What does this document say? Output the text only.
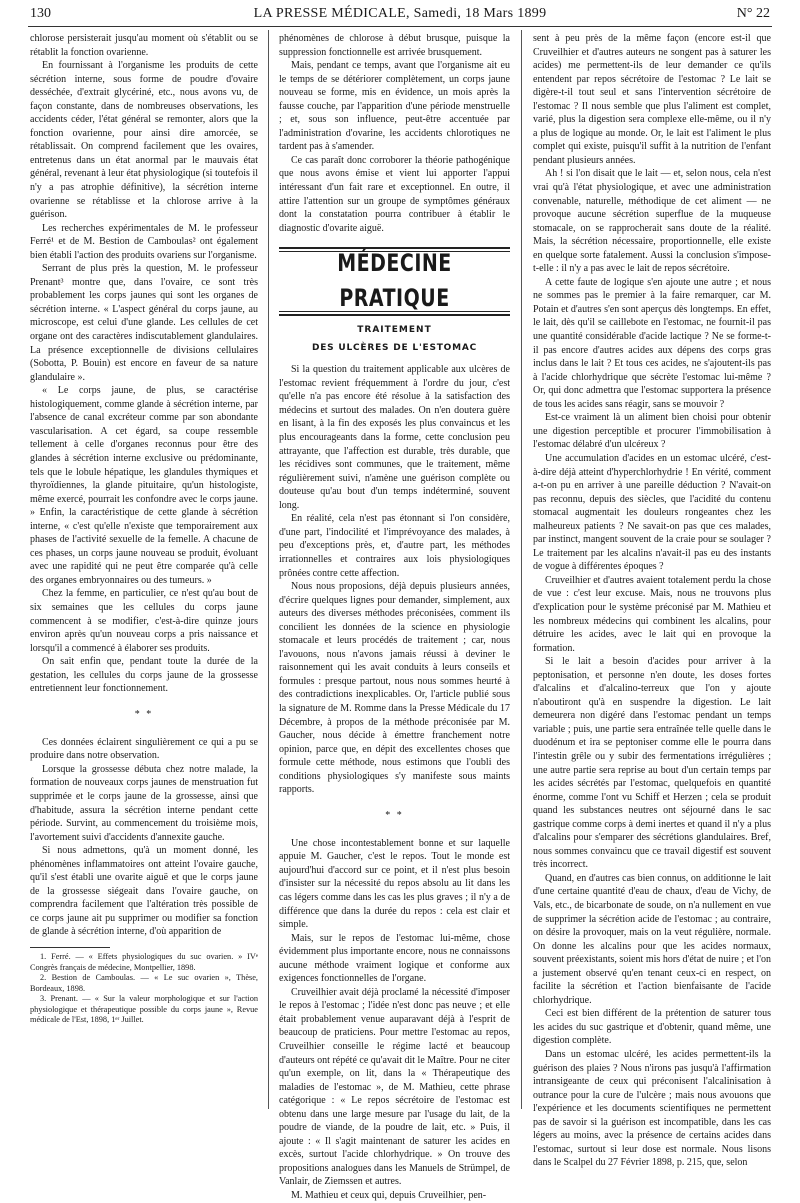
130	LA PRESSE MÉDICALE, Samedi, 18 Mars 1899	N° 22

chlorose persisterait jusqu'au moment où s'établit ou se rétablit la fonction ovarienne.

En fournissant à l'organisme les produits de cette sécrétion interne, sous forme de poudre d'ovaire desséchée, d'extrait glycériné, etc., nous avons vu, de façon constante, dans de nombreuses observations, les accidents céder, l'état général se remonter, alors que la fonction ovarienne, pour ainsi dire amorcée, se rétablissait. On comprend facilement que les ovaires, entretenus dans un état anormal par le mauvais état général, revenant à leur état physiologique (si toutefois il n'y a pas atrophie définitive), la sécrétion interne ovarienne se rétablisse et la chlorose arrive à la guérison.

Les recherches expérimentales de M. le professeur Ferré¹ et de M. Bestion de Camboulas² ont également bien établi l'action des produits ovariens sur l'organisme.

Serrant de plus près la question, M. le professeur Prenant³ montre que, dans l'ovaire, ce sont très probablement les corps jaunes qui sont les organes de sécrétion interne. « L'aspect général du corps jaune, au microscope, est celui d'une glande. Les cellules de cet organe ont des caractères indiscutablement glandulaires. La présence exceptionnelle de divisions cellulaires (Sobotta, P. Bouin) est encore en faveur de sa nature glandulaire ».

« Le corps jaune, de plus, se caractérise histologiquement, comme glande à sécrétion interne, par l'absence de canal excréteur comme par son abondante vascularisation. A cet égard, sa coupe ressemble tellement à celle d'organes reconnus pour être des glandes à sécrétion interne exclusive ou prédominante, tels que le lobule hépatique, les glandules thymiques et thyroïdiennes, la glande pituitaire, qu'un histologiste, même exercé, pourrait les confondre avec le corps jaune. » Enfin, la caractéristique de cette glande à sécrétion interne, « c'est qu'elle n'existe que temporairement aux phases de l'activité sexuelle de la femelle. A chacune de ces phases, un corps jaune nouveau se produit, évoluant avec une rapidité qui ne peut être comparée qu'à celle des organes embryonnaires ou des tumeurs. »

Chez la femme, en particulier, ce n'est qu'au bout de six semaines que les cellules du corps jaune commencent à se modifier, c'est-à-dire quinze jours environ après qu'un nouveau corps a pris naissance et lorsqu'il a commencé à élaborer ses produits.

On sait enfin que, pendant toute la durée de la gestation, les cellules du corps jaune de la grossesse entretiennent leur fonctionnement.

* *

Ces données éclairent singulièrement ce qui a pu se produire dans notre observation.

Lorsque la grossesse débuta chez notre malade, la formation de nouveaux corps jaunes de menstruation fut supprimée et le corps jaune de la grossesse, ainsi que d'habitude, assura la sécrétion interne pendant cette période. Survint, au commencement du troisième mois, l'avortement suivi d'accidents d'annexite gauche.

Si nous admettons, qu'à un moment donné, les phénomènes inflammatoires ont atteint l'ovaire gauche, qu'il s'est établi une ovarite aiguë et que le corps jaune de la grossesse siégeait dans l'ovaire gauche, on comprendra facilement que l'altération très possible de ce corps jaune ait pu supprimer ou modifier sa fonction de glande à sécrétion interne, d'où apparition de

1. Ferré. — « Effets physiologiques du suc ovarien. » IVᵉ Congrès français de médecine, Montpellier, 1898.

2. Bestion de Camboulas. — « Le suc ovarien », Thèse, Bordeaux, 1898.

3. Prenant. — « Sur la valeur morphologique et sur l'action physiologique et thérapeutique possible du corps jaune », Revue médicale de l'Est, 1898, 1ᵉʳ Juillet.

phénomènes de chlorose à début brusque, puisque la suppression fonctionnelle est arrivée brusquement.

Mais, pendant ce temps, avant que l'organisme ait eu le temps de se détériorer complètement, un corps jaune nouveau se forme, mis en évidence, un mois après la fausse couche, par l'apparition d'une période menstruelle ; et, sous son influence, peut-être accentuée par l'administration d'ovarine, les accidents chlorotiques ne tardent pas à s'amender.

Ce cas paraît donc corroborer la théorie pathogénique que nous avons émise et vient lui apporter l'appui intéressant d'un fait rare et exceptionnel. En outre, il attire l'attention sur un groupe de symptômes généraux dont la constatation pourra contribuer à établir le diagnostic d'ovarite aiguë.

MÉDECINE PRATIQUE
TRAITEMENT
DES ULCÈRES DE L'ESTOMAC

Si la question du traitement applicable aux ulcères de l'estomac revient fréquemment à l'ordre du jour, c'est qu'elle n'a pas encore été résolue à la satisfaction des médecins et surtout des malades. On n'en doutera guère en lisant, à la fin des exposés les plus convaincus et les plus encourageants dans la forme, cette conclusion peu attrayante, que l'affection est durable, très durable, que les récidives sont communes, que le traitement, même régulièrement suivi, n'amène une guérison complète ou douteuse qu'au bout d'un temps indéterminé, souvent long.

En réalité, cela n'est pas étonnant si l'on considère, d'une part, l'indocilité et l'imprévoyance des malades, à peu d'exceptions près, et, d'autre part, les méthodes irrationnelles et contraires aux lois physiologiques prônées contre cette affection.

Nous nous proposions, déjà depuis plusieurs années, d'écrire quelques lignes pour demander, simplement, aux auteurs des diverses méthodes préconisées, comment ils concilient les données de la science en physiologie stomacale et leurs procédés de traitement ; car, nous l'avouons, nous n'avons jamais réussi à deviner le raisonnement qui les avait conduits à leurs conseils et formules : presque partout, nous nous sommes heurté à des contradictions inexplicables. Or, l'article publié sous la signature de M. Romme dans la Presse Médicale du 17 Décembre, à propos de la méthode préconisée par M. Gaucher, nous décide à émettre franchement notre opinion, parce que, en dépit des excellentes choses que formule cette méthode, nous estimons que l'oubli des conditions physiologiques s'y manifeste sous maints rapports.

* *

Une chose incontestablement bonne et sur laquelle appuie M. Gaucher, c'est le repos. Tout le monde est aujourd'hui d'accord sur ce point, et il n'est plus besoin d'insister sur la nécessité du repos absolu au lit dans les cas légers comme dans les cas les plus graves ; il n'y a de différence que dans la durée du repos : cela est clair et simple.

Mais, sur le repos de l'estomac lui-même, chose évidemment plus importante encore, nous ne connaissons aucune méthode vraiment logique et conforme aux exigences fonctionnelles de l'organe.

Cruveilhier avait déjà proclamé la nécessité d'imposer le repos à l'estomac ; l'idée n'est donc pas neuve ; et elle était probablement venue auparavant déjà à l'esprit de beaucoup de praticiens. Pour mettre l'estomac au repos, Cruveilhier conseille le régime lacté et beaucoup d'auteurs ont répété ce qu'avait dit le Maître. Pour ne citer qu'un exemple, on lit, dans la « Thérapeutique des maladies de l'estomac », de M. Mathieu, cette phrase catégorique : « Le repos sécrétoire de l'estomac est obtenu dans une large mesure par l'usage du lait, de la poudre de viande, de la poudre de lait, etc. » Puis, il ajoute : « Il s'agit maintenant de saturer les acides en excès, surtout l'acide chlorhydrique. » On trouve des propositions analogues dans les Manuels de Strümpel, de Vanlair, de Ziemssen et autres.

M. Mathieu et ceux qui, depuis Cruveilhier, pen-

sent à peu près de la même façon (encore est-il que Cruveilhier et d'autres auteurs ne songent pas à saturer les acides) me permettent-ils de leur demander ce qu'ils entendent par repos sécrétoire de l'estomac ? Le lait se digère-t-il tout seul et sans l'intervention sécrétoire de l'estomac ? Il nous semble que plus l'aliment est complet, varié, plus la digestion sera complexe elle-même, ou il n'y a plus de logique au monde. Or, le lait est l'aliment le plus complet qui existe, puisqu'il suffit à la nutrition de l'enfant pendant plusieurs années.

Ah ! si l'on disait que le lait — et, selon nous, cela n'est vrai qu'à l'état physiologique, et avec une administration convenable, naturelle, méthodique de cet aliment — ne provoque aucune sécrétion superflue de la muqueuse stomacale, on se rapprocherait sans doute de la réalité. Mais, la sécrétion nécessaire, proportionnelle, elle existe en quelque sorte fatalement. Aussi la conclusion s'impose-t-elle : il n'y a pas avec le lait de repos sécrétoire.

A cette faute de logique s'en ajoute une autre ; et nous ne sommes pas le premier à la faire remarquer, car M. Potain et d'autres s'en sont aperçus dès longtemps. En effet, le lait, dès qu'il se caillebote en l'estomac, ne fournit-il pas une quantité considérable d'acide lactique ? Ne se forme-t-il pas encore d'autres acides aux dépens des corps gras inclus dans le lait ? Et tous ces acides, ne s'ajoutent-ils pas à l'acide chlorhydrique que sécrète l'estomac lui-même ? Or, qui donc admettra que l'estomac supportera la présence de tous les acides sans réagir, sans se mouvoir ?

Est-ce vraiment là un aliment bien choisi pour obtenir une digestion perceptible et procurer l'immobilisation à l'estomac délabré d'un ulcéreux ?

Une accumulation d'acides en un estomac ulcéré, c'est-à-dire déjà atteint d'hyperchlorhydrie ! En vérité, comment a-t-on pu en arriver à une pareille déduction ? N'avait-on pas reconnu, depuis des siècles, que l'acidité du contenu stomacal augmentait les douleurs rongeantes chez les malheureux patients ? Ne savait-on pas que ces malades, par instinct, mangent souvent de la craie pour se soulager ? Le traitement par les alcalins n'avait-il pas eu des instants de vogue à différentes époques ?

Cruveilhier et d'autres avaient totalement perdu la chose de vue : c'est leur excuse. Mais, nous ne trouvons plus d'explication pour le système préconisé par M. Mathieu et les nombreux médecins qui combinent les alcalins, pour détruire les acides, avec le lait qui en provoque la formation.

Si le lait a besoin d'acides pour arriver à la peptonisation, et personne n'en doute, les doses fortes d'alcalins et d'alcalino-terreux que l'on y ajoute n'aboutiront qu'à en suspendre la digestion. Le lait demeurera non digéré dans l'estomac pendant un temps variable ; puis, une partie sera entraînée telle quelle dans le duodénum et ira se peptoniser comme elle le pourra dans l'intestin grêle ou y subir des fermentations irrégulières ; une autre partie sera reprise au bout d'un certain temps par les acides sécrétés par l'estomac, quelquefois en quantité énorme, comme l'ont vu Schiff et Herzen ; cela se produit quand les substances neutres ont séjourné dans le sac gastrique comme corps à demi inertes et quand il n'y a plus d'alcalins pour s'emparer des sécrétions glandulaires. Bref, nous sommes convaincu que ce travail digestif est souvent très incorrect.

Quand, en d'autres cas bien connus, on additionne le lait d'une certaine quantité d'eau de chaux, d'eau de Vichy, de Vals, etc., de bicarbonate de soude, on n'a nullement en vue de supprimer la sécrétion acide de l'estomac ; au contraire, on désire la provoquer, mais on la veut régulière, normale. On donne les alcalins pour que les acides normaux, souvent préexistants, soient mis hors d'état de nuire ; et l'on a justement observé qu'en tenant ceux-ci en respect, on facilite la sécrétion et l'action bienfaisante de l'acide chlorhydrique.

Ceci est bien différent de la prétention de saturer tous les acides du suc gastrique et d'obtenir, quand même, une digestion complète.

Dans un estomac ulcéré, les acides permettent-ils la guérison des plaies ? Nous n'irons pas jusqu'à l'affirmation intransigeante de ceux qui préconisent l'alcalinisation à outrance pour la cure de l'ulcère ; mais nous avouons que l'expérience et les documents scientifiques ne permettent pas de savoir si la guérison est incompatible, dans les cas légers au moins, avec la présence de certains acides dans l'estomac, surtout si leur dose est normale. Nous lisons dans le Scalpel du 27 Février 1898, p. 215, que, selon
